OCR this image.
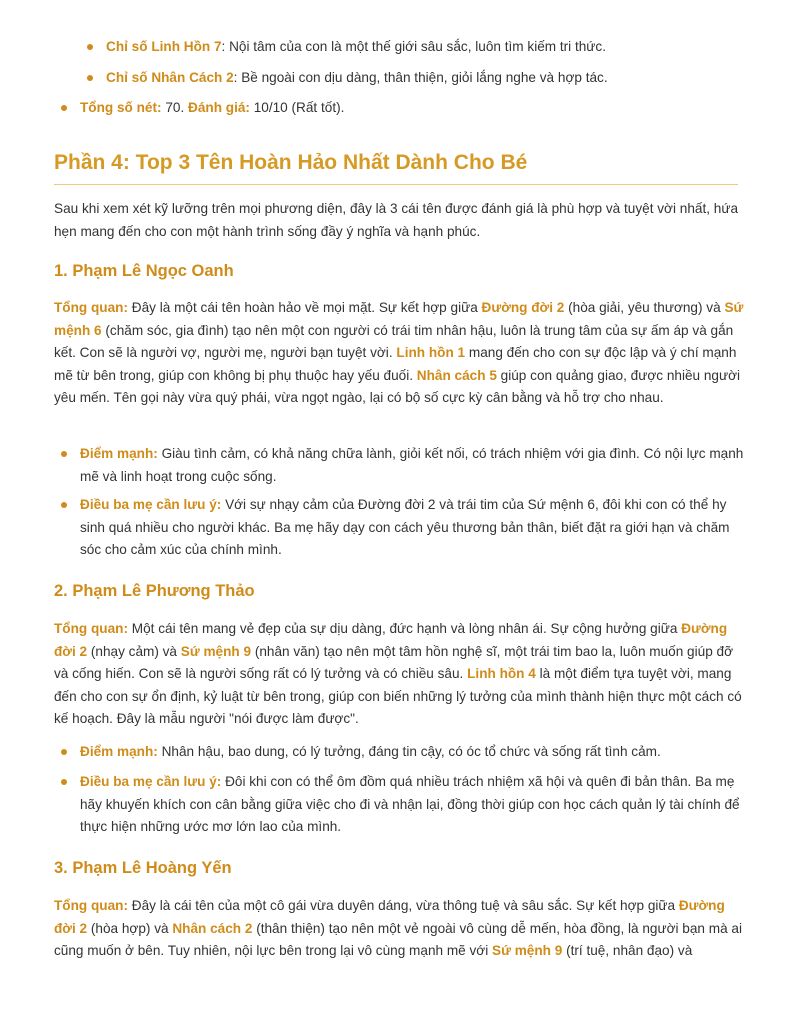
Chỉ số Linh Hồn 7: Nội tâm của con là một thế giới sâu sắc, luôn tìm kiếm tri thức.
Chỉ số Nhân Cách 2: Bề ngoài con dịu dàng, thân thiện, giỏi lắng nghe và hợp tác.
Tổng số nét: 70. Đánh giá: 10/10 (Rất tốt).
Phần 4: Top 3 Tên Hoàn Hảo Nhất Dành Cho Bé

Sau khi xem xét kỹ lưỡng trên mọi phương diện, đây là 3 cái tên được đánh giá là phù hợp và tuyệt vời nhất, hứa hẹn mang đến cho con một hành trình sống đầy ý nghĩa và hạnh phúc.

1. Phạm Lê Ngọc Oanh

Tổng quan: Đây là một cái tên hoàn hảo về mọi mặt. Sự kết hợp giữa Đường đời 2 (hòa giải, yêu thương) và Sứ mệnh 6 (chăm sóc, gia đình) tạo nên một con người có trái tim nhân hậu, luôn là trung tâm của sự ấm áp và gắn kết. Con sẽ là người vợ, người mẹ, người bạn tuyệt vời. Linh hồn 1 mang đến cho con sự độc lập và ý chí mạnh mẽ từ bên trong, giúp con không bị phụ thuộc hay yếu đuối. Nhân cách 5 giúp con quảng giao, được nhiều người yêu mến. Tên gọi này vừa quý phái, vừa ngọt ngào, lại có bộ số cực kỳ cân bằng và hỗ trợ cho nhau.

Điểm mạnh: Giàu tình cảm, có khả năng chữa lành, giỏi kết nối, có trách nhiệm với gia đình. Có nội lực mạnh mẽ và linh hoạt trong cuộc sống.
Điều ba mẹ cần lưu ý: Với sự nhạy cảm của Đường đời 2 và trái tim của Sứ mệnh 6, đôi khi con có thể hy sinh quá nhiều cho người khác. Ba mẹ hãy dạy con cách yêu thương bản thân, biết đặt ra giới hạn và chăm sóc cho cảm xúc của chính mình.
2. Phạm Lê Phương Thảo

Tổng quan: Một cái tên mang vẻ đẹp của sự dịu dàng, đức hạnh và lòng nhân ái. Sự cộng hưởng giữa Đường đời 2 (nhạy cảm) và Sứ mệnh 9 (nhân văn) tạo nên một tâm hồn nghệ sĩ, một trái tim bao la, luôn muốn giúp đỡ và cống hiến. Con sẽ là người sống rất có lý tưởng và có chiều sâu. Linh hồn 4 là một điểm tựa tuyệt vời, mang đến cho con sự ổn định, kỷ luật từ bên trong, giúp con biến những lý tưởng của mình thành hiện thực một cách có kế hoạch. Đây là mẫu người "nói được làm được".

Điểm mạnh: Nhân hậu, bao dung, có lý tưởng, đáng tin cậy, có óc tổ chức và sống rất tình cảm.
Điều ba mẹ cần lưu ý: Đôi khi con có thể ôm đồm quá nhiều trách nhiệm xã hội và quên đi bản thân. Ba mẹ hãy khuyến khích con cân bằng giữa việc cho đi và nhận lại, đồng thời giúp con học cách quản lý tài chính để thực hiện những ước mơ lớn lao của mình.
3. Phạm Lê Hoàng Yến

Tổng quan: Đây là cái tên của một cô gái vừa duyên dáng, vừa thông tuệ và sâu sắc. Sự kết hợp giữa Đường đời 2 (hòa hợp) và Nhân cách 2 (thân thiện) tạo nên một vẻ ngoài vô cùng dễ mến, hòa đồng, là người bạn mà ai cũng muốn ở bên. Tuy nhiên, nội lực bên trong lại vô cùng mạnh mẽ với Sứ mệnh 9 (trí tuệ, nhân đạo) và
